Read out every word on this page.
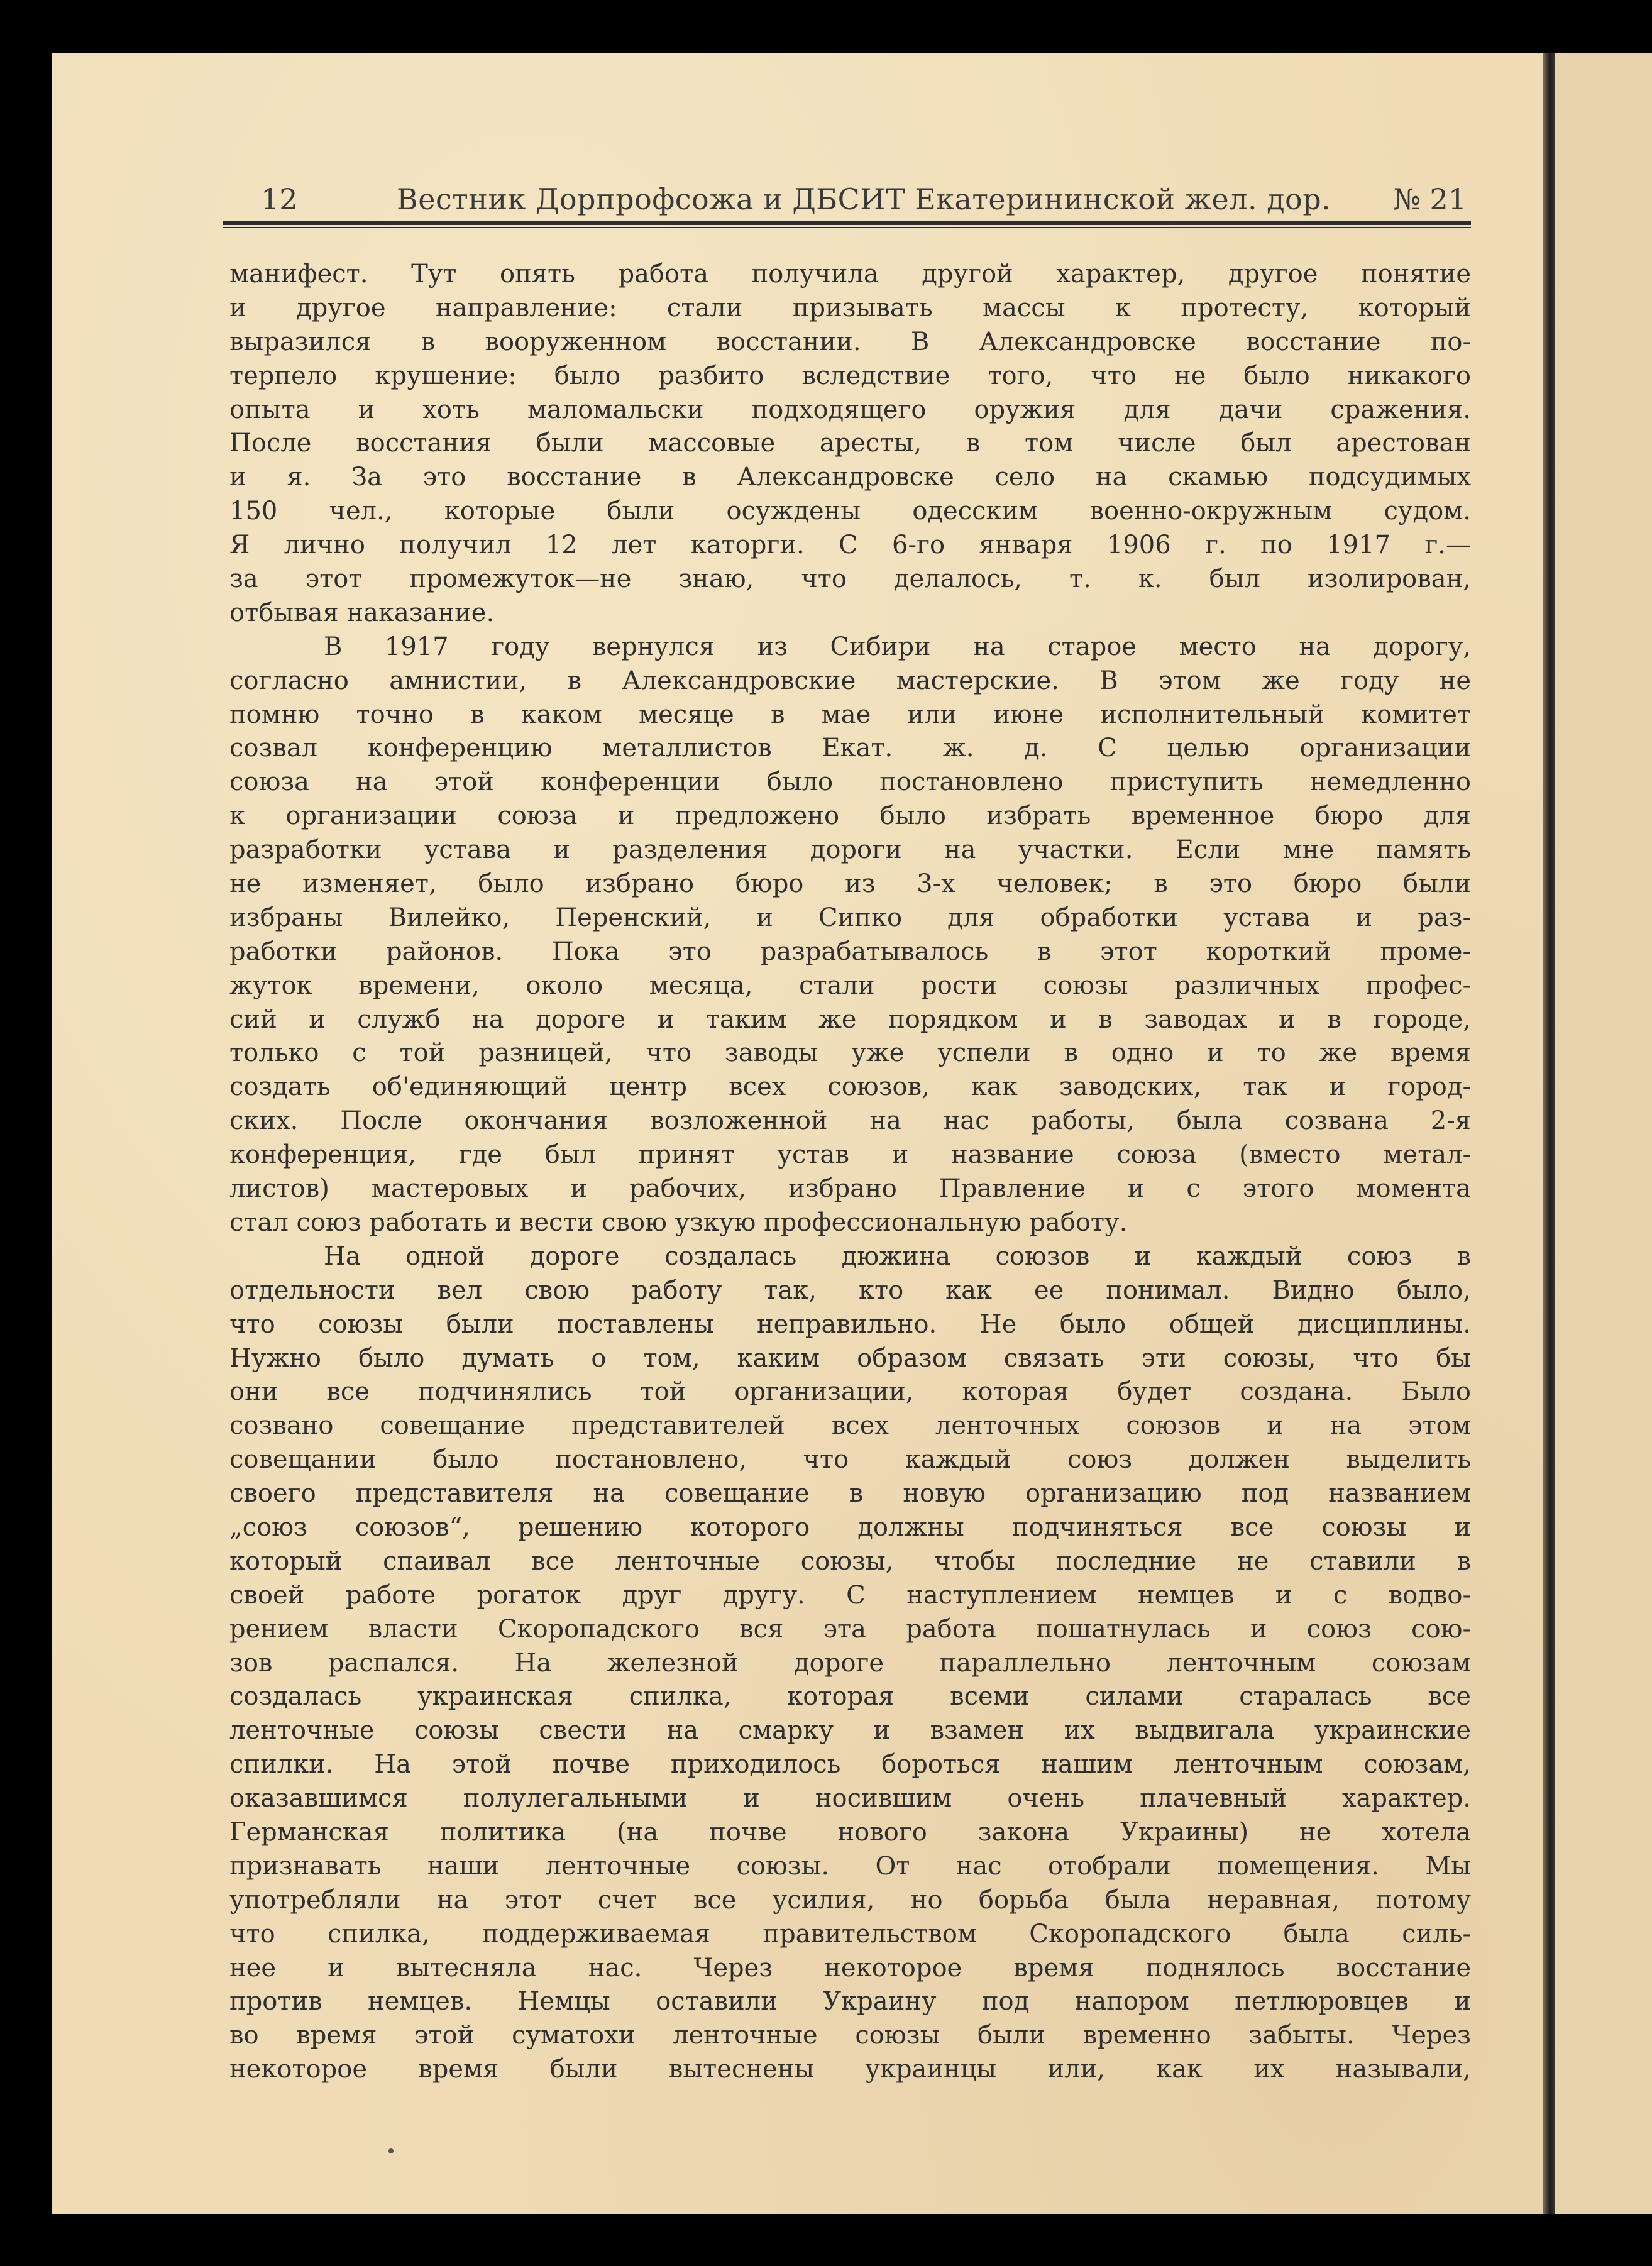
12	Вестник Дорпрофсожа и ДБСИТ Екатерининской жел. дор. № 21
манифест. Тут опять работа получила другой характер, другое понятие
и другое направление: стали призывать массы к протесту, который
выразился в вооруженном восстании. В Александровске восстание по-
терпело крушение: было разбито вследствие того, что не было никакого
опыта и хоть маломальски подходящего оружия для дачи сражения.
После восстания были массовые аресты, в том числе был арестован
и я. За это восстание в Александровске село на скамью подсудимых
150 чел., которые были осуждены одесским военно-окружным судом.
Я лично получил 12 лет каторги. С 6-го января 1906 г. по 1917 г.—
за этот промежуток—не знаю, что делалось, т. к. был изолирован,
отбывая наказание.
В 1917 году вернулся из Сибири на старое место на дорогу,
согласно амнистии, в Александровские мастерские. В этом же году не
помню точно в каком месяце в мае или июне исполнительный комитет
созвал конференцию металлистов Екат. ж. д. С целью организации
союза на этой конференции было постановлено приступить немедленно
к организации союза и предложено было избрать временное бюро для
разработки устава и разделения дороги на участки. Если мне память
не изменяет, было избрано бюро из 3-х человек; в это бюро были
избраны Вилейко, Перенский, и Сипко для обработки устава и раз-
работки районов. Пока это разрабатывалось в этот короткий проме-
жуток времени, около месяца, стали рости союзы различных профес-
сий и служб на дороге и таким же порядком и в заводах и в городе,
только с той разницей, что заводы уже успели в одно и то же время
создать об'единяющий центр всех союзов, как заводских, так и город-
ских. После окончания возложенной на нас работы, была созвана 2-я
конференция, где был принят устав и название союза (вместо метал-
листов) мастеровых и рабочих, избрано Правление и с этого момента
стал союз работать и вести свою узкую профессиональную работу.
На одной дороге создалась дюжина союзов и каждый союз в
отдельности вел свою работу так, кто как ее понимал. Видно было,
что союзы были поставлены неправильно. Не было общей дисциплины.
Нужно было думать о том, каким образом связать эти союзы, что бы
они все подчинялись той организации, которая будет создана. Было
созвано совещание представителей всех ленточных союзов и на этом
совещании было постановлено, что каждый союз должен выделить
своего представителя на совещание в новую организацию под названием
„союз союзов“, решению которого должны подчиняться все союзы и
который спаивал все ленточные союзы, чтобы последние не ставили в
своей работе рогаток друг другу. С наступлением немцев и с водво-
рением власти Скоропадского вся эта работа пошатнулась и союз сою-
зов распался. На железной дороге параллельно ленточным союзам
создалась украинская спилка, которая всеми силами старалась все
ленточные союзы свести на смарку и взамен их выдвигала украинские
спилки. На этой почве приходилось бороться нашим ленточным союзам,
оказавшимся полулегальными и носившим очень плачевный характер.
Германская политика (на почве нового закона Украины) не хотела
признавать наши ленточные союзы. От нас отобрали помещения. Мы
употребляли на этот счет все усилия, но борьба была неравная, потому
что спилка, поддерживаемая правительством Скоропадского была силь-
нее и вытесняла нас. Через некоторое время поднялось восстание
против немцев. Немцы оставили Украину под напором петлюровцев и
во время этой суматохи ленточные союзы были временно забыты. Через
некоторое время были вытеснены украинцы или, как их называли,
